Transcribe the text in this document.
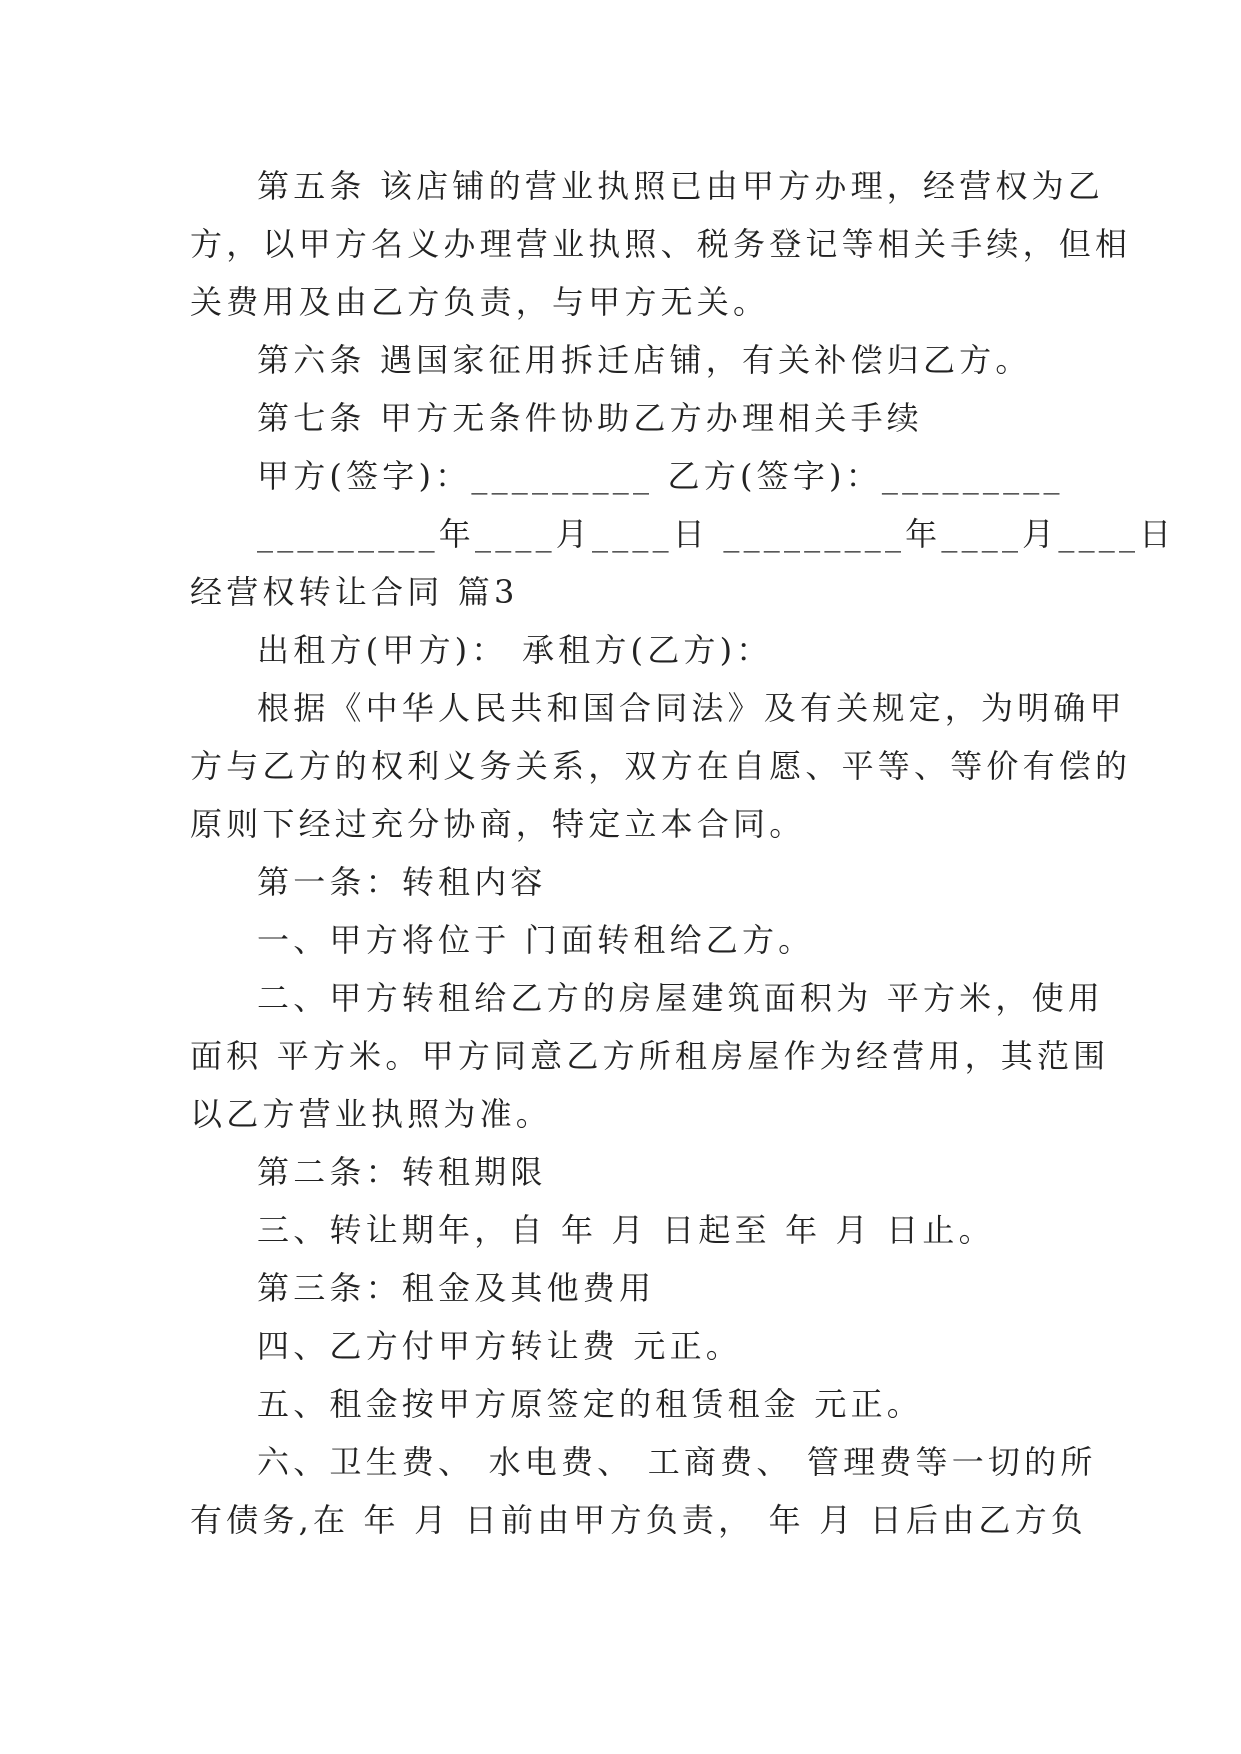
第五条 该店铺的营业执照已由甲方办理，经营权为乙
方，以甲方名义办理营业执照、税务登记等相关手续，但相
关费用及由乙方负责，与甲方无关。
第六条 遇国家征用拆迁店铺，有关补偿归乙方。
第七条 甲方无条件协助乙方办理相关手续
甲方(签字)：_________ 乙方(签字)：_________
_________年____月____日 _________年____月____日
经营权转让合同 篇3
出租方(甲方)： 承租方(乙方)：
根据《中华人民共和国合同法》及有关规定，为明确甲
方与乙方的权利义务关系，双方在自愿、平等、等价有偿的
原则下经过充分协商，特定立本合同。
第一条：转租内容
一、甲方将位于 门面转租给乙方。
二、甲方转租给乙方的房屋建筑面积为 平方米，使用
面积 平方米。甲方同意乙方所租房屋作为经营用，其范围
以乙方营业执照为准。
第二条：转租期限
三、转让期年，自 年 月 日起至 年 月 日止。
第三条：租金及其他费用
四、乙方付甲方转让费 元正。
五、租金按甲方原签定的租赁租金 元正。
六、卫生费、 水电费、 工商费、 管理费等一切的所
有债务,在 年 月 日前由甲方负责， 年 月 日后由乙方负
